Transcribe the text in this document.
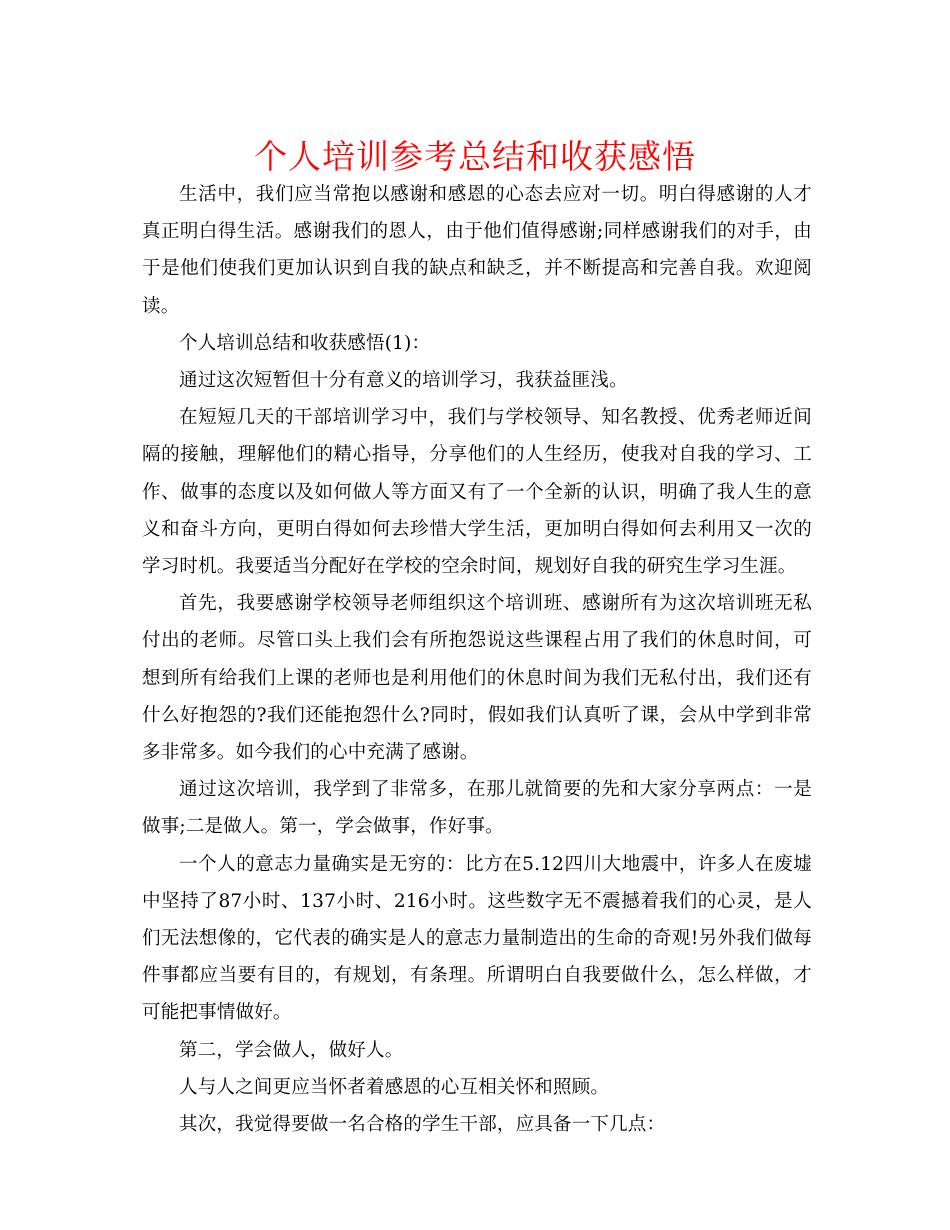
个人培训参考总结和收获感悟

生活中，我们应当常抱以感谢和感恩的心态去应对一切。明白得感谢的人才真正明白得生活。感谢我们的恩人，由于他们值得感谢;同样感谢我们的对手，由于是他们使我们更加认识到自我的缺点和缺乏，并不断提高和完善自我。欢迎阅读。

个人培训总结和收获感悟(1)：

通过这次短暂但十分有意义的培训学习，我获益匪浅。

在短短几天的干部培训学习中，我们与学校领导、知名教授、优秀老师近间隔的接触，理解他们的精心指导，分享他们的人生经历，使我对自我的学习、工作、做事的态度以及如何做人等方面又有了一个全新的认识，明确了我人生的意义和奋斗方向，更明白得如何去珍惜大学生活，更加明白得如何去利用又一次的学习时机。我要适当分配好在学校的空余时间，规划好自我的研究生学习生涯。

首先，我要感谢学校领导老师组织这个培训班、感谢所有为这次培训班无私付出的老师。尽管口头上我们会有所抱怨说这些课程占用了我们的休息时间，可想到所有给我们上课的老师也是利用他们的休息时间为我们无私付出，我们还有什么好抱怨的?我们还能抱怨什么?同时，假如我们认真听了课，会从中学到非常多非常多。如今我们的心中充满了感谢。

通过这次培训，我学到了非常多，在那儿就简要的先和大家分享两点：一是做事;二是做人。第一，学会做事，作好事。

一个人的意志力量确实是无穷的：比方在5.12四川大地震中，许多人在废墟中坚持了87小时、137小时、216小时。这些数字无不震撼着我们的心灵，是人们无法想像的，它代表的确实是人的意志力量制造出的生命的奇观!另外我们做每件事都应当要有目的，有规划，有条理。所谓明白自我要做什么，怎么样做，才可能把事情做好。

第二，学会做人，做好人。

人与人之间更应当怀者着感恩的心互相关怀和照顾。

其次，我觉得要做一名合格的学生干部，应具备一下几点：
